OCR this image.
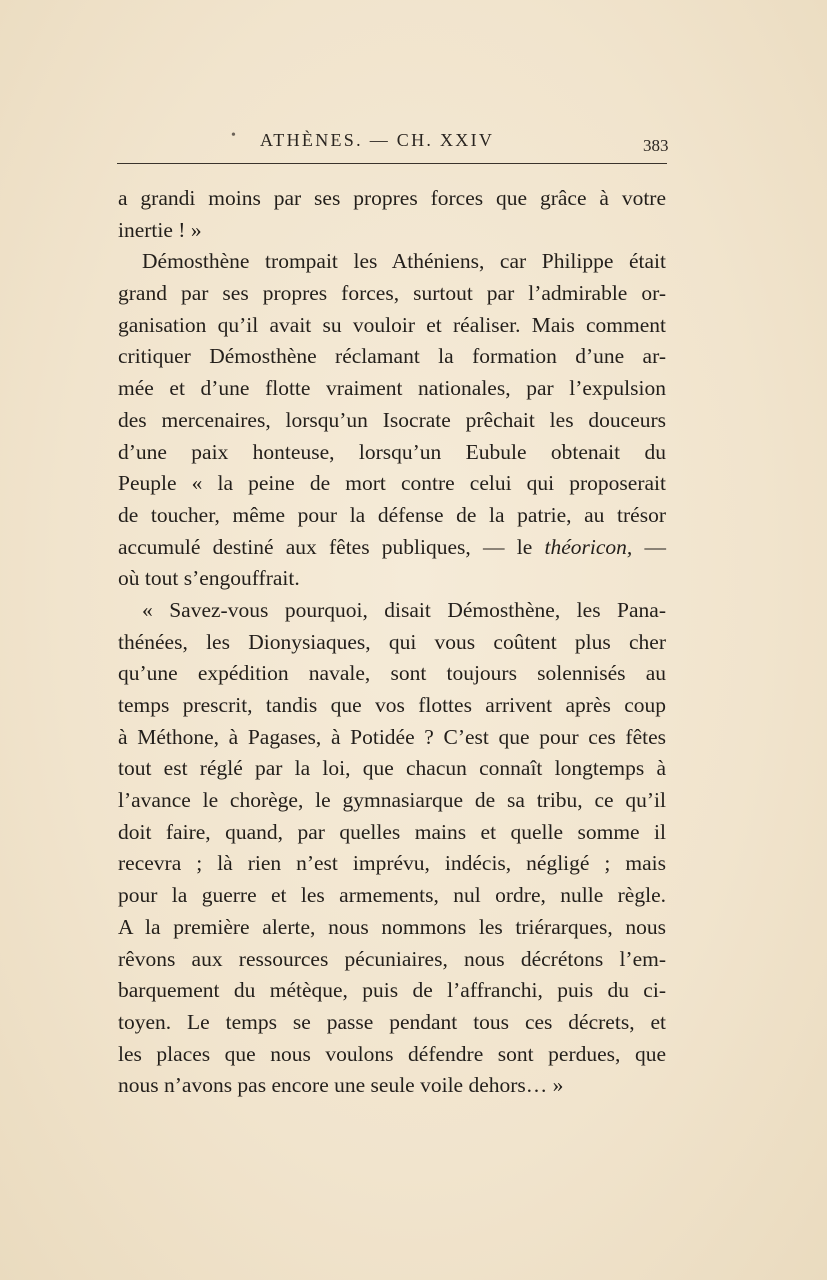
• ATHÈNES. — CH. XXIV	383
a grandi moins par ses propres forces que grâce à votre
inertie ! »
Démosthène trompait les Athéniens, car Philippe était
grand par ses propres forces, surtout par l’admirable or-
ganisation qu’il avait su vouloir et réaliser. Mais comment
critiquer Démosthène réclamant la formation d’une ar-
mée et d’une flotte vraiment nationales, par l’expulsion
des mercenaires, lorsqu’un Isocrate prêchait les douceurs
d’une paix honteuse, lorsqu’un Eubule obtenait du
Peuple « la peine de mort contre celui qui proposerait
de toucher, même pour la défense de la patrie, au trésor
accumulé destiné aux fêtes publiques, — le théoricon, —
où tout s’engouffrait.
« Savez-vous pourquoi, disait Démosthène, les Pana-
thénées, les Dionysiaques, qui vous coûtent plus cher
qu’une expédition navale, sont toujours solennisés au
temps prescrit, tandis que vos flottes arrivent après coup
à Méthone, à Pagases, à Potidée ? C’est que pour ces fêtes
tout est réglé par la loi, que chacun connaît longtemps à
l’avance le chorège, le gymnasiarque de sa tribu, ce qu’il
doit faire, quand, par quelles mains et quelle somme il
recevra ; là rien n’est imprévu, indécis, négligé ; mais
pour la guerre et les armements, nul ordre, nulle règle.
A la première alerte, nous nommons les triérarques, nous
rêvons aux ressources pécuniaires, nous décrétons l’em-
barquement du métèque, puis de l’affranchi, puis du ci-
toyen. Le temps se passe pendant tous ces décrets, et
les places que nous voulons défendre sont perdues, que
nous n’avons pas encore une seule voile dehors… »
